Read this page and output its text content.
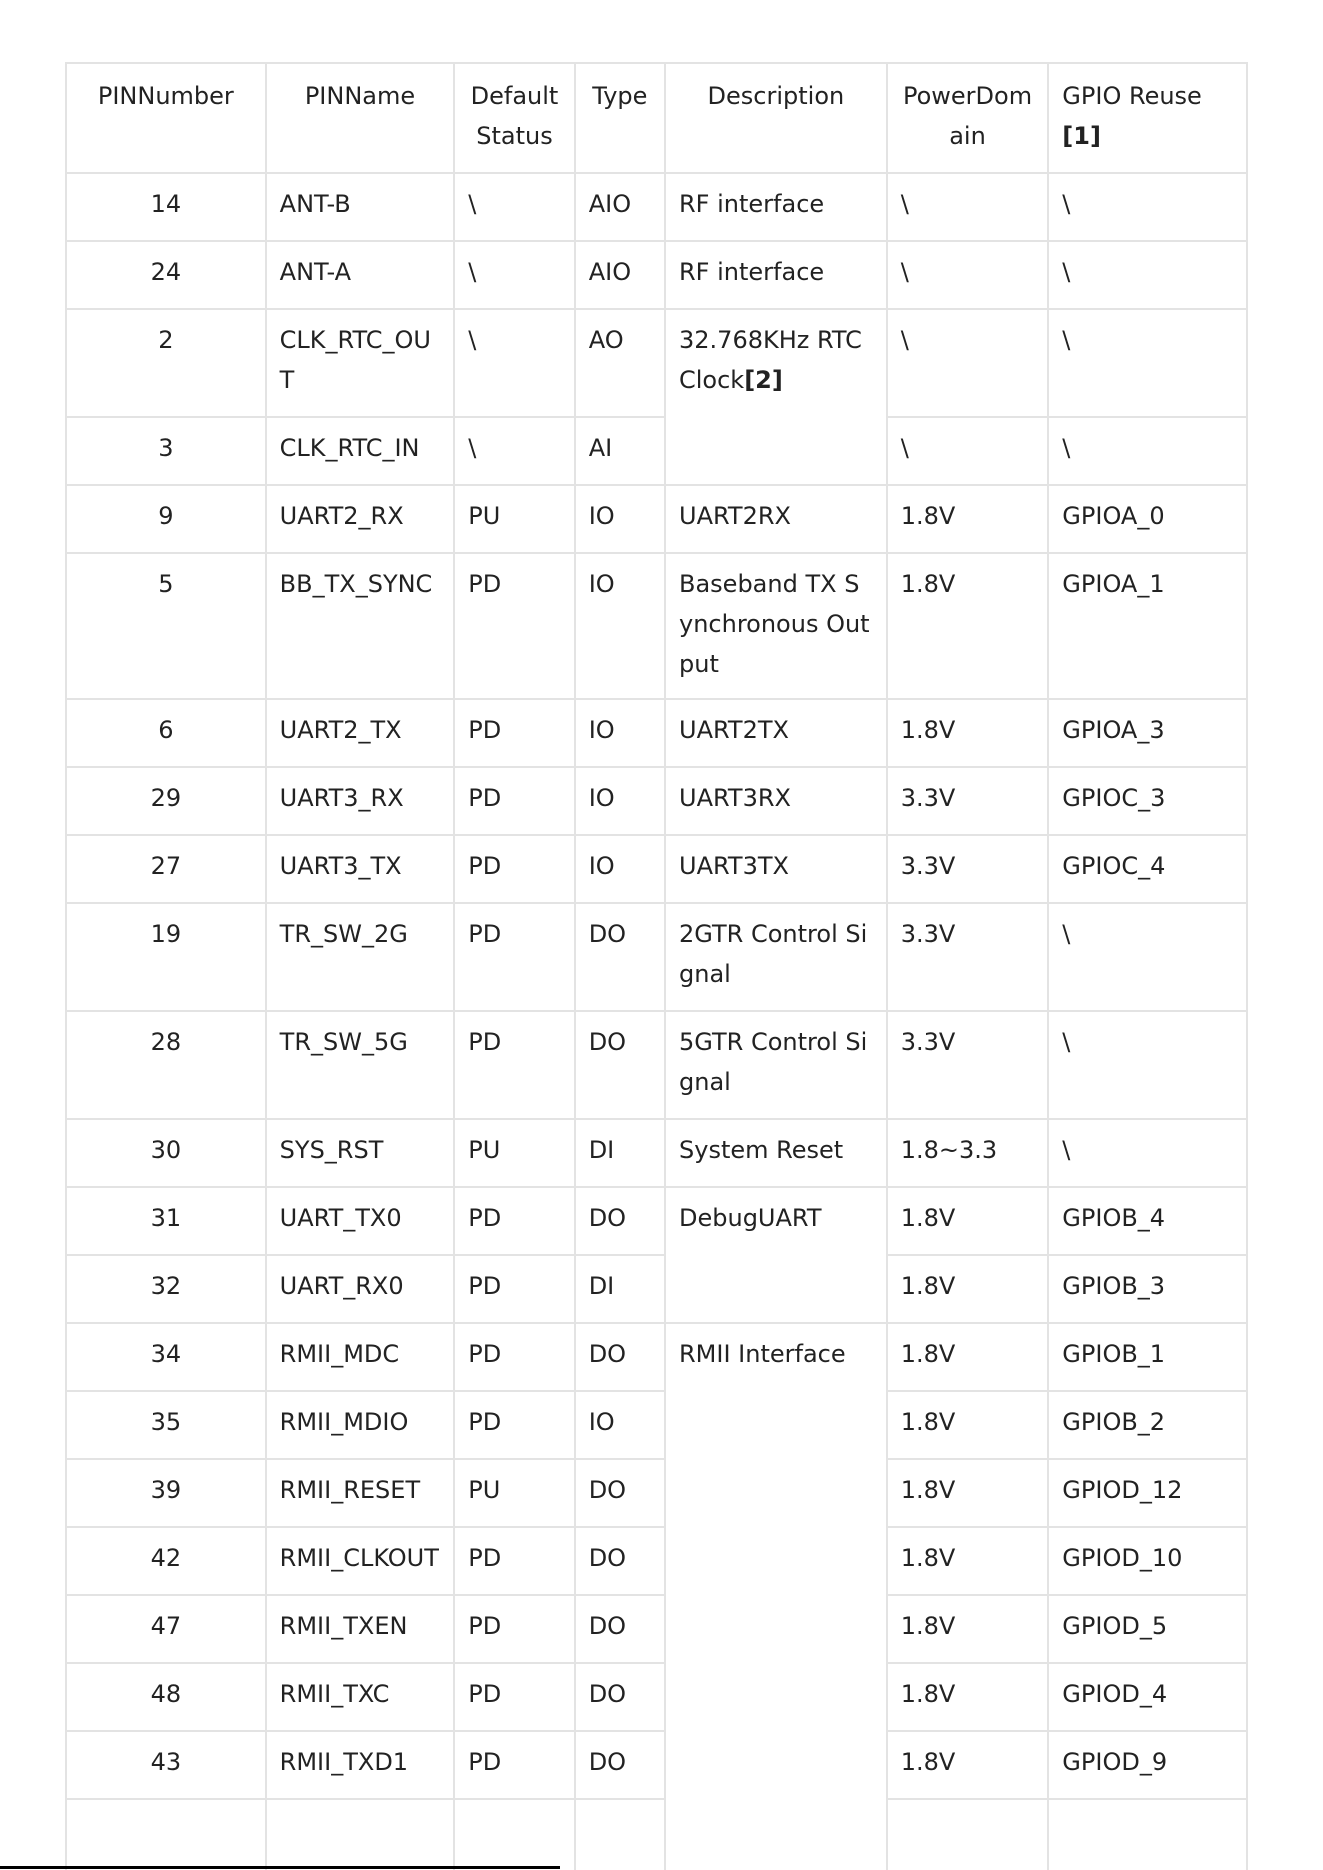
PINNumber	PINName	Default Status	Type	Description	PowerDomain	GPIO Reuse
[1]
14	ANT-B	\	AIO	RF interface	\	\
24	ANT-A	\	AIO	RF interface	\	\
2	CLK_RTC_OUT	\	AO	32.768KHz RTC Clock[2]	\	\
3	CLK_RTC_IN	\	AI		\	\
9	UART2_RX	PU	IO	UART2RX	1.8V	GPIOA_0
5	BB_TX_SYNC	PD	IO	Baseband TX Synchronous Output	1.8V	GPIOA_1
6	UART2_TX	PD	IO	UART2TX	1.8V	GPIOA_3
29	UART3_RX	PD	IO	UART3RX	3.3V	GPIOC_3
27	UART3_TX	PD	IO	UART3TX	3.3V	GPIOC_4
19	TR_SW_2G	PD	DO	2GTR Control Signal	3.3V	\
28	TR_SW_5G	PD	DO	5GTR Control Signal	3.3V	\
30	SYS_RST	PU	DI	System Reset	1.8~3.3	\
31	UART_TX0	PD	DO	DebugUART	1.8V	GPIOB_4
32	UART_RX0	PD	DI		1.8V	GPIOB_3
34	RMII_MDC	PD	DO	RMII Interface	1.8V	GPIOB_1
35	RMII_MDIO	PD	IO		1.8V	GPIOB_2
39	RMII_RESET	PU	DO		1.8V	GPIOD_12
42	RMII_CLKOUT	PD	DO		1.8V	GPIOD_10
47	RMII_TXEN	PD	DO		1.8V	GPIOD_5
48	RMII_TXC	PD	DO		1.8V	GPIOD_4
43	RMII_TXD1	PD	DO		1.8V	GPIOD_9
